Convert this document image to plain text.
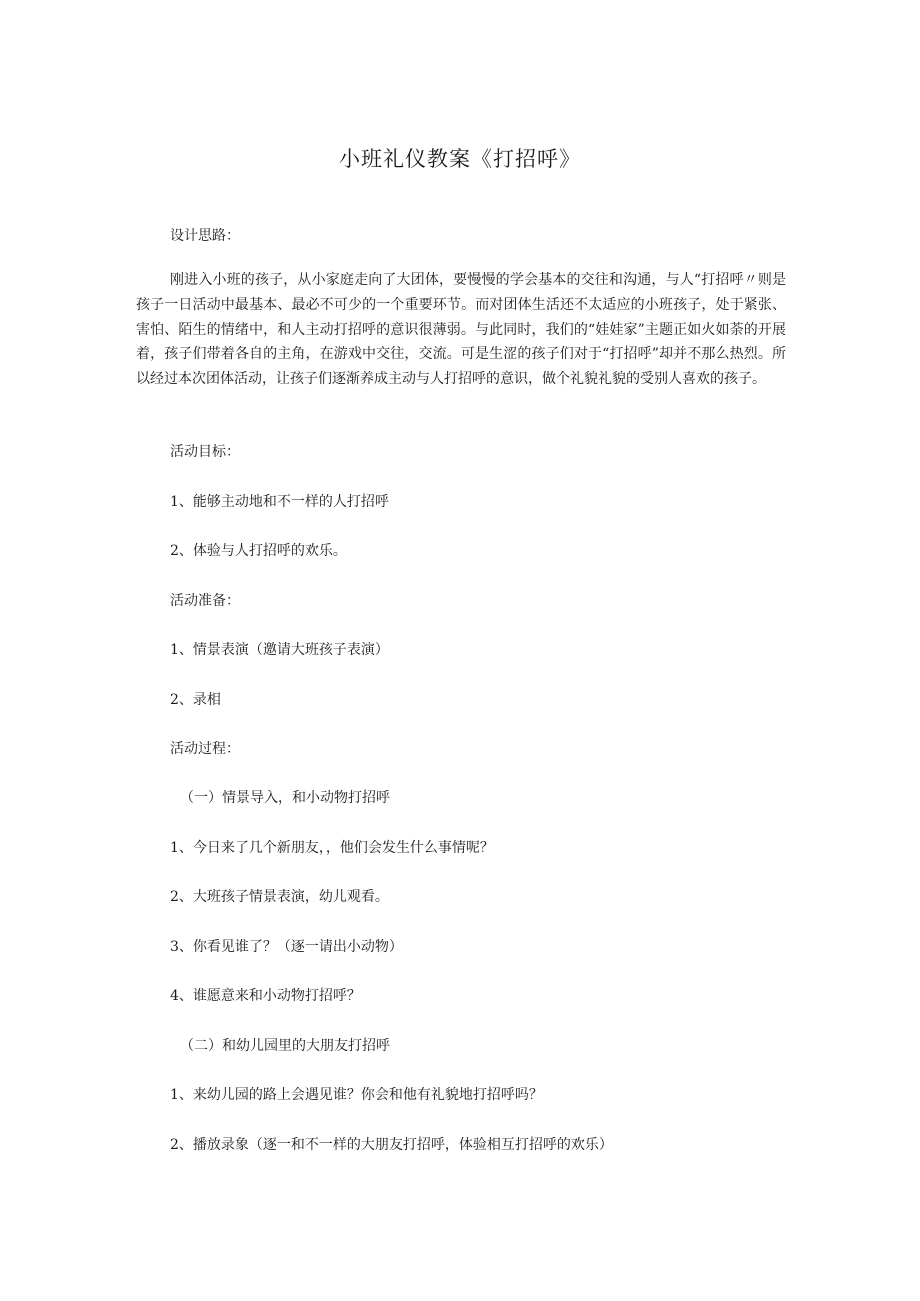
小班礼仪教案《打招呼》
设计思路：
刚进入小班的孩子，从小家庭走向了大团体，要慢慢的学会基本的交往和沟通，与人“打招呼〃则是孩子一日活动中最基本、最必不可少的一个重要环节。而对团体生活还不太适应的小班孩子，处于紧张、害怕、陌生的情绪中，和人主动打招呼的意识很薄弱。与此同时，我们的“娃娃家”主题正如火如荼的开展着，孩子们带着各自的主角，在游戏中交往，交流。可是生涩的孩子们对于“打招呼”却并不那么热烈。所以经过本次团体活动，让孩子们逐渐养成主动与人打招呼的意识，做个礼貌礼貌的受别人喜欢的孩子。
活动目标：
1、能够主动地和不一样的人打招呼
2、体验与人打招呼的欢乐。
活动准备：
1、情景表演（邀请大班孩子表演）
2、录相
活动过程：
（一）情景导入，和小动物打招呼
1、今日来了几个新朋友，，他们会发生什么事情呢？
2、大班孩子情景表演，幼儿观看。
3、你看见谁了？（逐一请出小动物）
4、谁愿意来和小动物打招呼？
（二）和幼儿园里的大朋友打招呼
1、来幼儿园的路上会遇见谁？你会和他有礼貌地打招呼吗？
2、播放录象（逐一和不一样的大朋友打招呼，体验相互打招呼的欢乐）
